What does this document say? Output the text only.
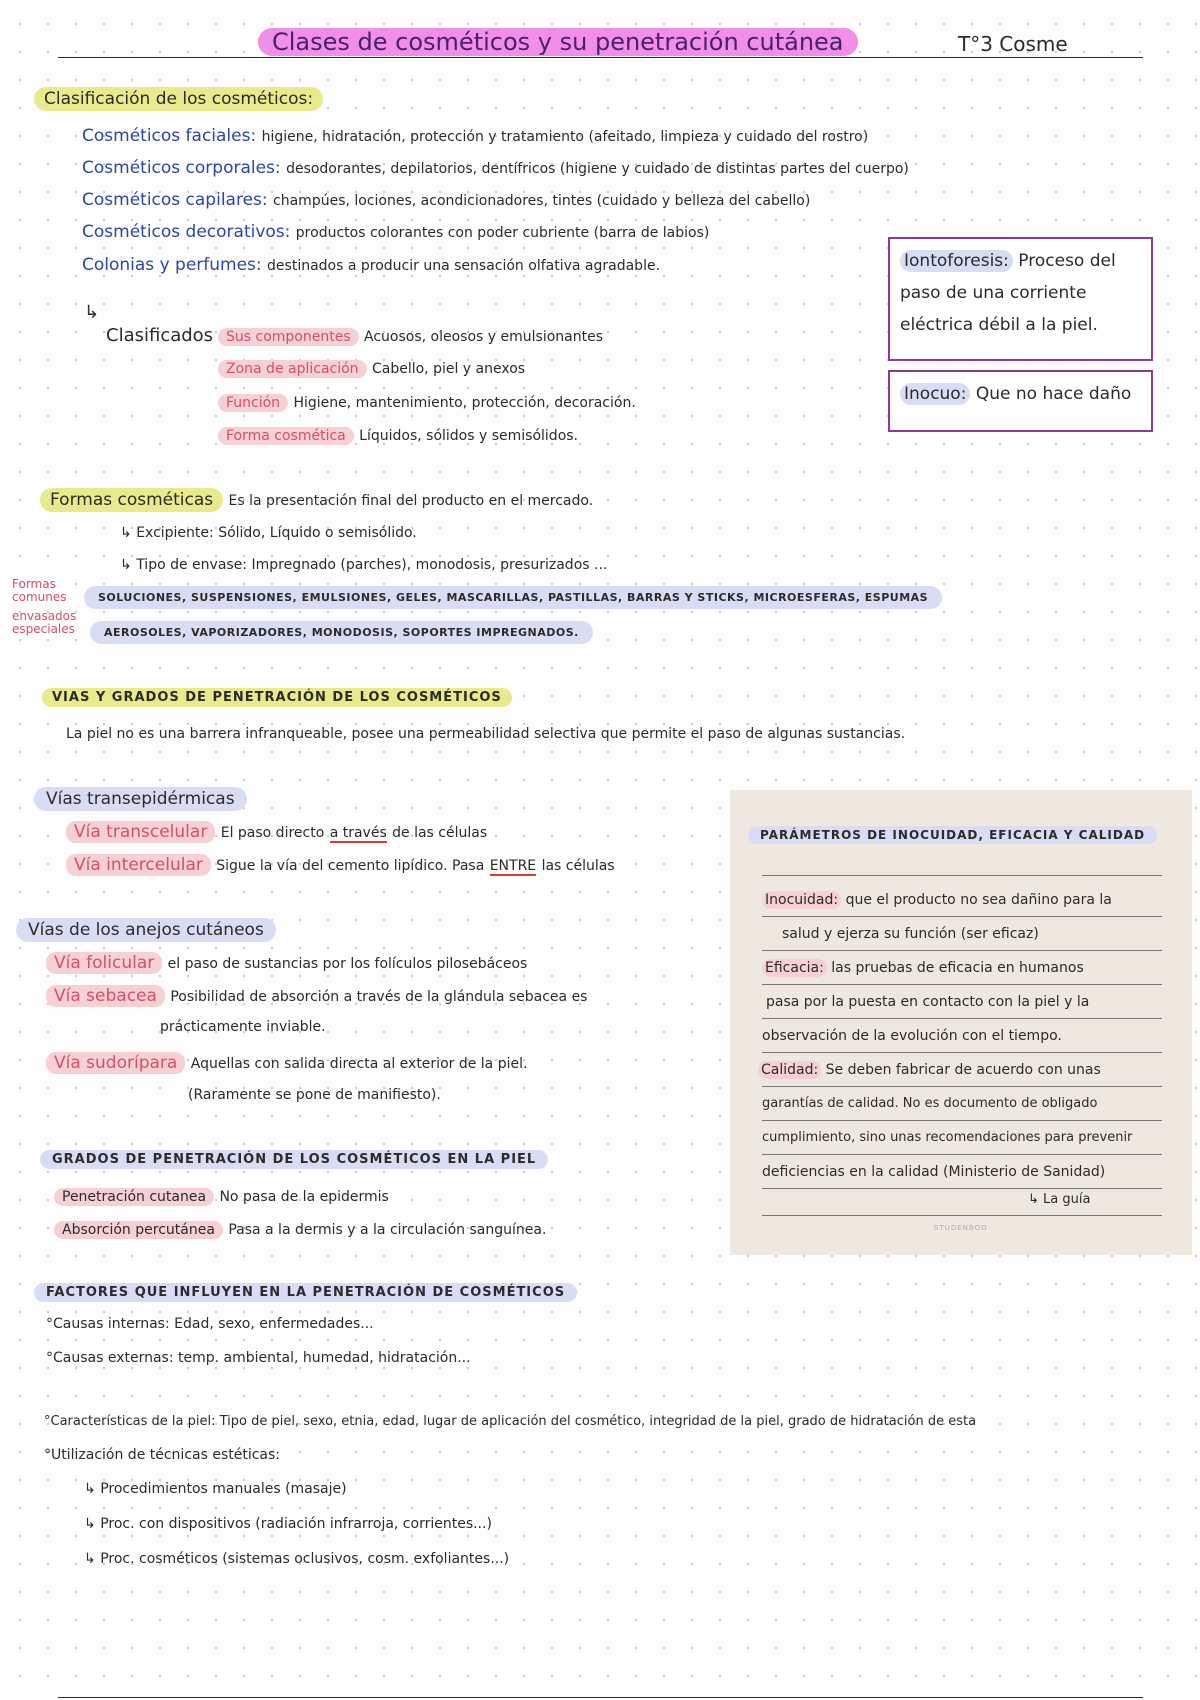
Clases de cosméticos y su penetración cutánea	T°3 Cosme
Clasificación de los cosméticos:
Cosméticos faciales: higiene, hidratación, protección y tratamiento (afeitado, limpieza y cuidado del rostro)
Cosméticos corporales: desodorantes, depilatorios, dentífricos (higiene y cuidado de distintas partes del cuerpo)
Cosméticos capilares: champúes, lociones, acondicionadores, tintes (cuidado y belleza del cabello)
Cosméticos decorativos: productos colorantes con poder cubriente (barra de labios)
Colonias y perfumes: destinados a producir una sensación olfativa agradable.
↳
Clasificados Sus componentes Acuosos, oleosos y emulsionantes
Zona de aplicación Cabello, piel y anexos
Función Higiene, mantenimiento, protección, decoración.
Forma cosmética Líquidos, sólidos y semisólidos.
Iontoforesis: Proceso del paso de una corriente eléctrica débil a la piel.
Inocuo: Que no hace daño
Formas cosméticas Es la presentación final del producto en el mercado.
↳ Excipiente: Sólido, Líquido o semisólido.
↳ Tipo de envase: Impregnado (parches), monodosis, presurizados ...
Formas comunes
envasados especiales
SOLUCIONES, SUSPENSIONES, EMULSIONES, GELES, MASCARILLAS, PASTILLAS, BARRAS Y STICKS, MICROESFERAS, ESPUMAS
AEROSOLES, VAPORIZADORES, MONODOSIS, SOPORTES IMPREGNADOS.
VIAS Y GRADOS DE PENETRACIÓN DE LOS COSMÉTICOS
La piel no es una barrera infranqueable, posee una permeabilidad selectiva que permite el paso de algunas sustancias.
Vías transepidérmicas
Vía transcelular El paso directo a través de las células
Vía intercelular Sigue la vía del cemento lipídico. Pasa ENTRE las células
Vías de los anejos cutáneos
Vía folicular el paso de sustancias por los folículos pilosebáceos
Vía sebacea Posibilidad de absorción a través de la glándula sebacea es
prácticamente inviable.
Vía sudorípara Aquellas con salida directa al exterior de la piel.
(Raramente se pone de manifiesto).
GRADOS DE PENETRACIÓN DE LOS COSMÉTICOS EN LA PIEL
Penetración cutanea No pasa de la epidermis
Absorción percutánea Pasa a la dermis y a la circulación sanguínea.
PARÁMETROS DE INOCUIDAD, EFICACIA Y CALIDAD
Inocuidad: que el producto no sea dañino para la
salud y ejerza su función (ser eficaz)
Eficacia: las pruebas de eficacia en humanos
pasa por la puesta en contacto con la piel y la
observación de la evolución con el tiempo.
Calidad: Se deben fabricar de acuerdo con unas
garantías de calidad. No es documento de obligado
cumplimiento, sino unas recomendaciones para prevenir
deficiencias en la calidad (Ministerio de Sanidad)
↳ La guía
STUDENBOO
FACTORES QUE INFLUYEN EN LA PENETRACIÓN DE COSMÉTICOS
°Causas internas: Edad, sexo, enfermedades...
°Causas externas: temp. ambiental, humedad, hidratación...
°Características de la piel: Tipo de piel, sexo, etnia, edad, lugar de aplicación del cosmético, integridad de la piel, grado de hidratación de esta
°Utilización de técnicas estéticas:
↳ Procedimientos manuales (masaje)
↳ Proc. con dispositivos (radiación infrarroja, corrientes...)
↳ Proc. cosméticos (sistemas oclusivos, cosm. exfoliantes...)
